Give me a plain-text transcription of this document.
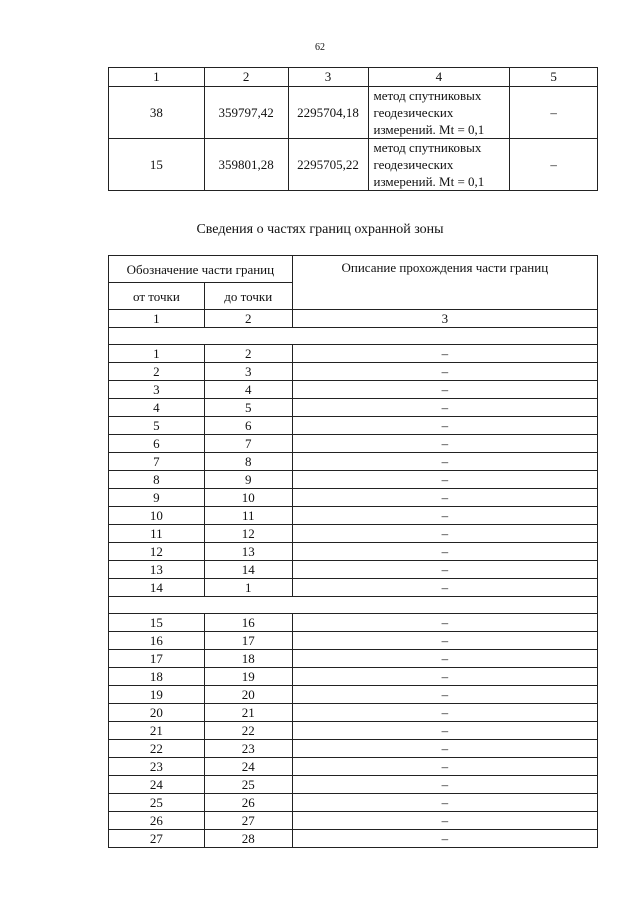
62
1	2	3	4	5
38	359797,42	2295704,18	метод спутниковых
геодезических
измерений. Mt = 0,1	–
15	359801,28	2295705,22	метод спутниковых
геодезических
измерений. Mt = 0,1	–
Сведения о частях границ охранной зоны
Обозначение части границ		Описание прохождения части границ
от точки	до точки	
1	2	3

1	2	–
2	3	–
3	4	–
4	5	–
5	6	–
6	7	–
7	8	–
8	9	–
9	10	–
10	11	–
11	12	–
12	13	–
13	14	–
14	1	–

15	16	–
16	17	–
17	18	–
18	19	–
19	20	–
20	21	–
21	22	–
22	23	–
23	24	–
24	25	–
25	26	–
26	27	–
27	28	–
